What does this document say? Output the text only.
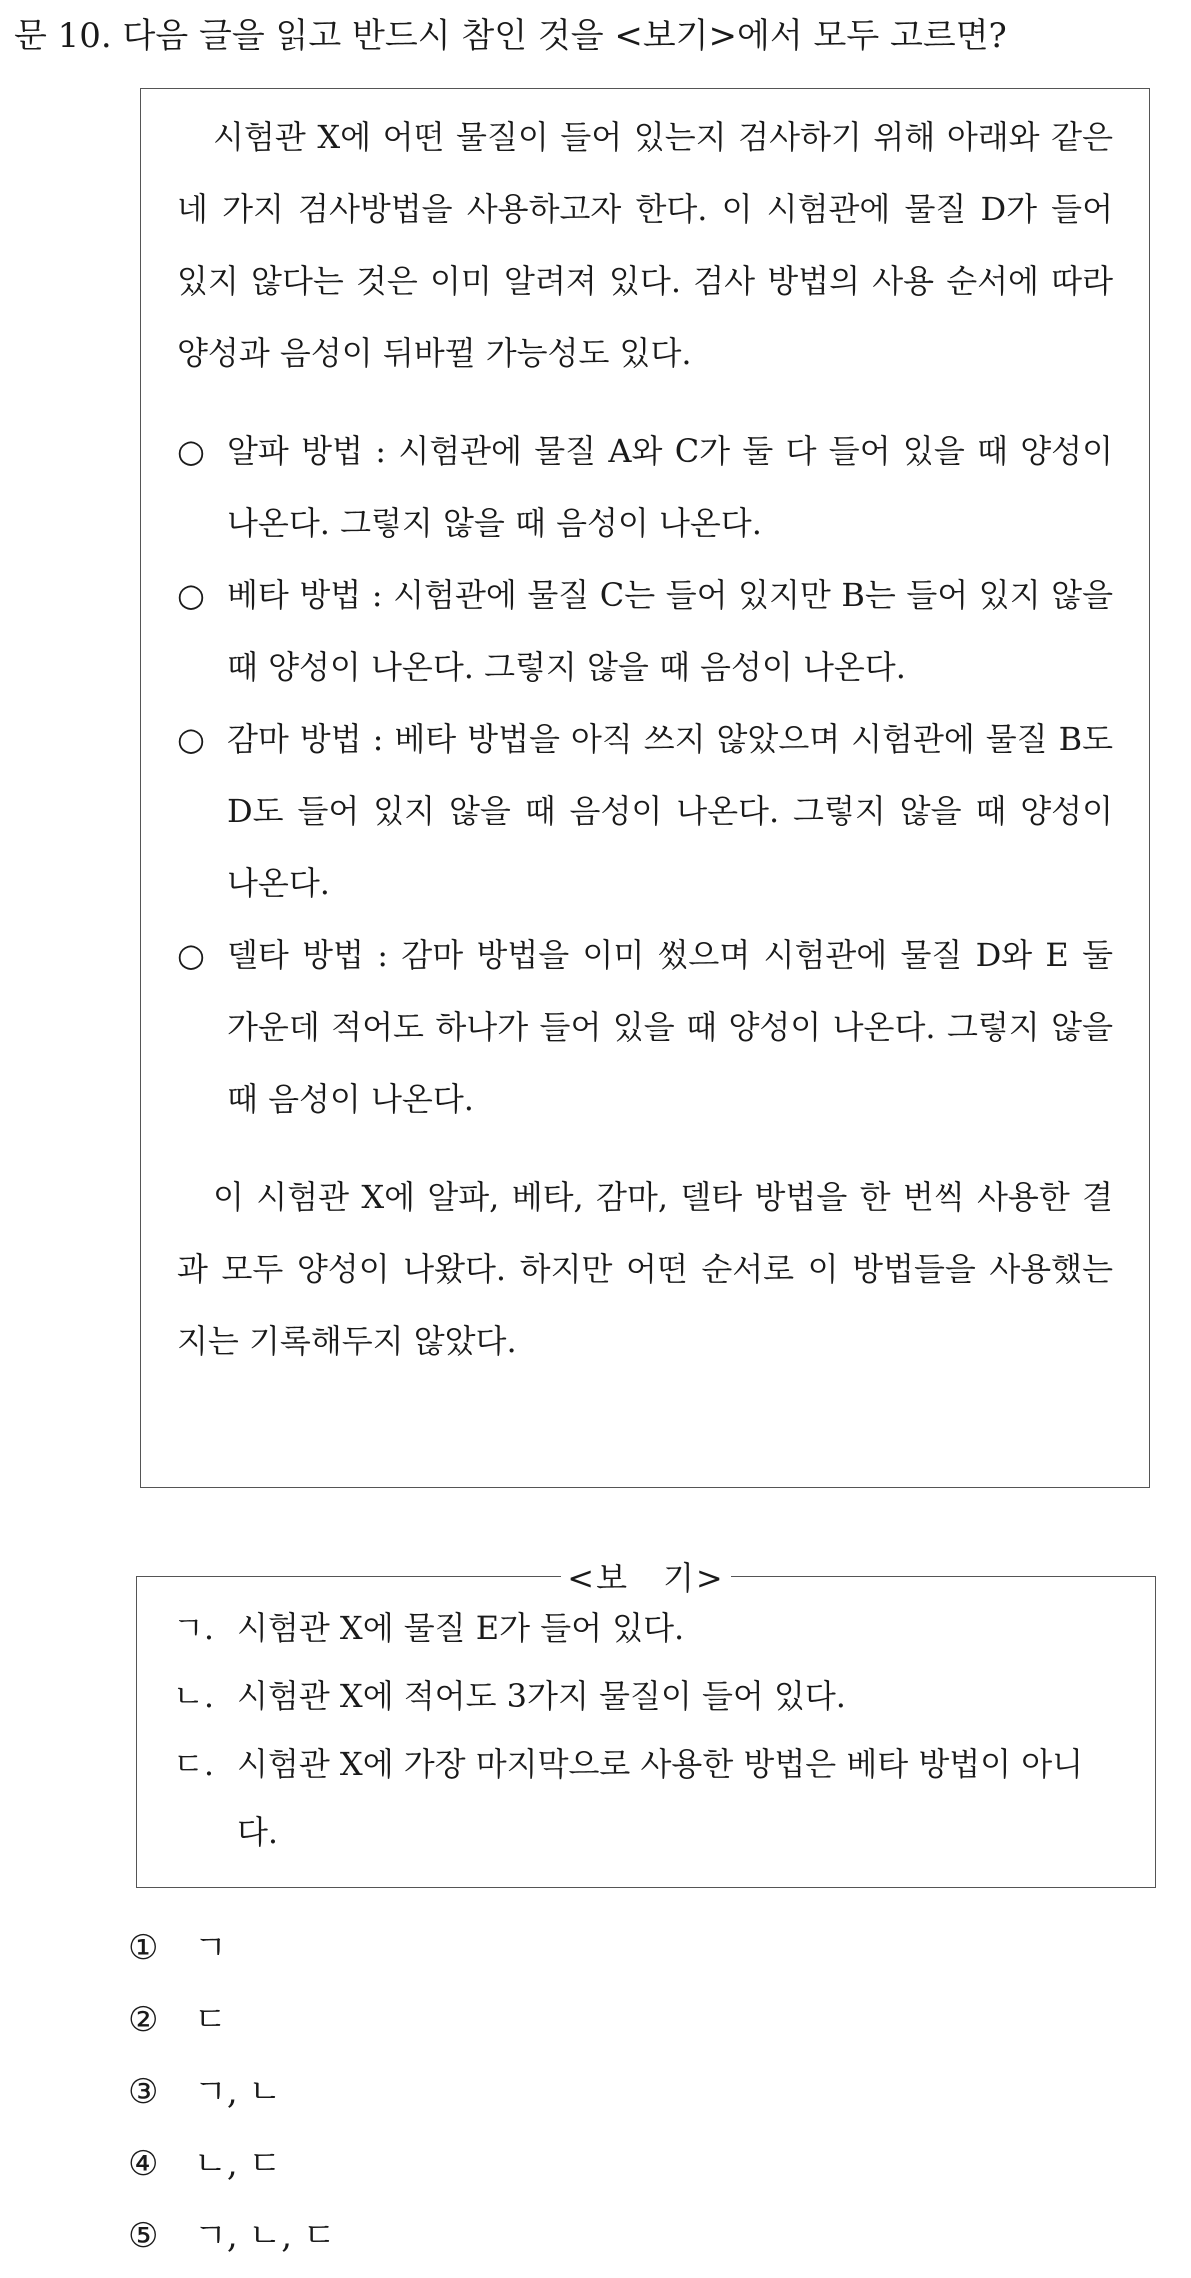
문 10. 다음 글을 읽고 반드시 참인 것을 <보기>에서 모두 고르면?

시험관 X에 어떤 물질이 들어 있는지 검사하기 위해 아래와 같은 네 가지 검사방법을 사용하고자 한다. 이 시험관에 물질 D가 들어 있지 않다는 것은 이미 알려져 있다. 검사 방법의 사용 순서에 따라 양성과 음성이 뒤바뀔 가능성도 있다.

○ 알파 방법 : 시험관에 물질 A와 C가 둘 다 들어 있을 때 양성이 나온다. 그렇지 않을 때 음성이 나온다.
○ 베타 방법 : 시험관에 물질 C는 들어 있지만 B는 들어 있지 않을 때 양성이 나온다. 그렇지 않을 때 음성이 나온다.
○ 감마 방법 : 베타 방법을 아직 쓰지 않았으며 시험관에 물질 B도 D도 들어 있지 않을 때 음성이 나온다. 그렇지 않을 때 양성이 나온다.
○ 델타 방법 : 감마 방법을 이미 썼으며 시험관에 물질 D와 E 둘 가운데 적어도 하나가 들어 있을 때 양성이 나온다. 그렇지 않을 때 음성이 나온다.

이 시험관 X에 알파, 베타, 감마, 델타 방법을 한 번씩 사용한 결과 모두 양성이 나왔다. 하지만 어떤 순서로 이 방법들을 사용했는지는 기록해두지 않았다.

<보　기>
ㄱ. 시험관 X에 물질 E가 들어 있다.
ㄴ. 시험관 X에 적어도 3가지 물질이 들어 있다.
ㄷ. 시험관 X에 가장 마지막으로 사용한 방법은 베타 방법이 아니다.
①	ㄱ
②	ㄷ
③	ㄱ, ㄴ
④	ㄴ, ㄷ
⑤	ㄱ, ㄴ, ㄷ
